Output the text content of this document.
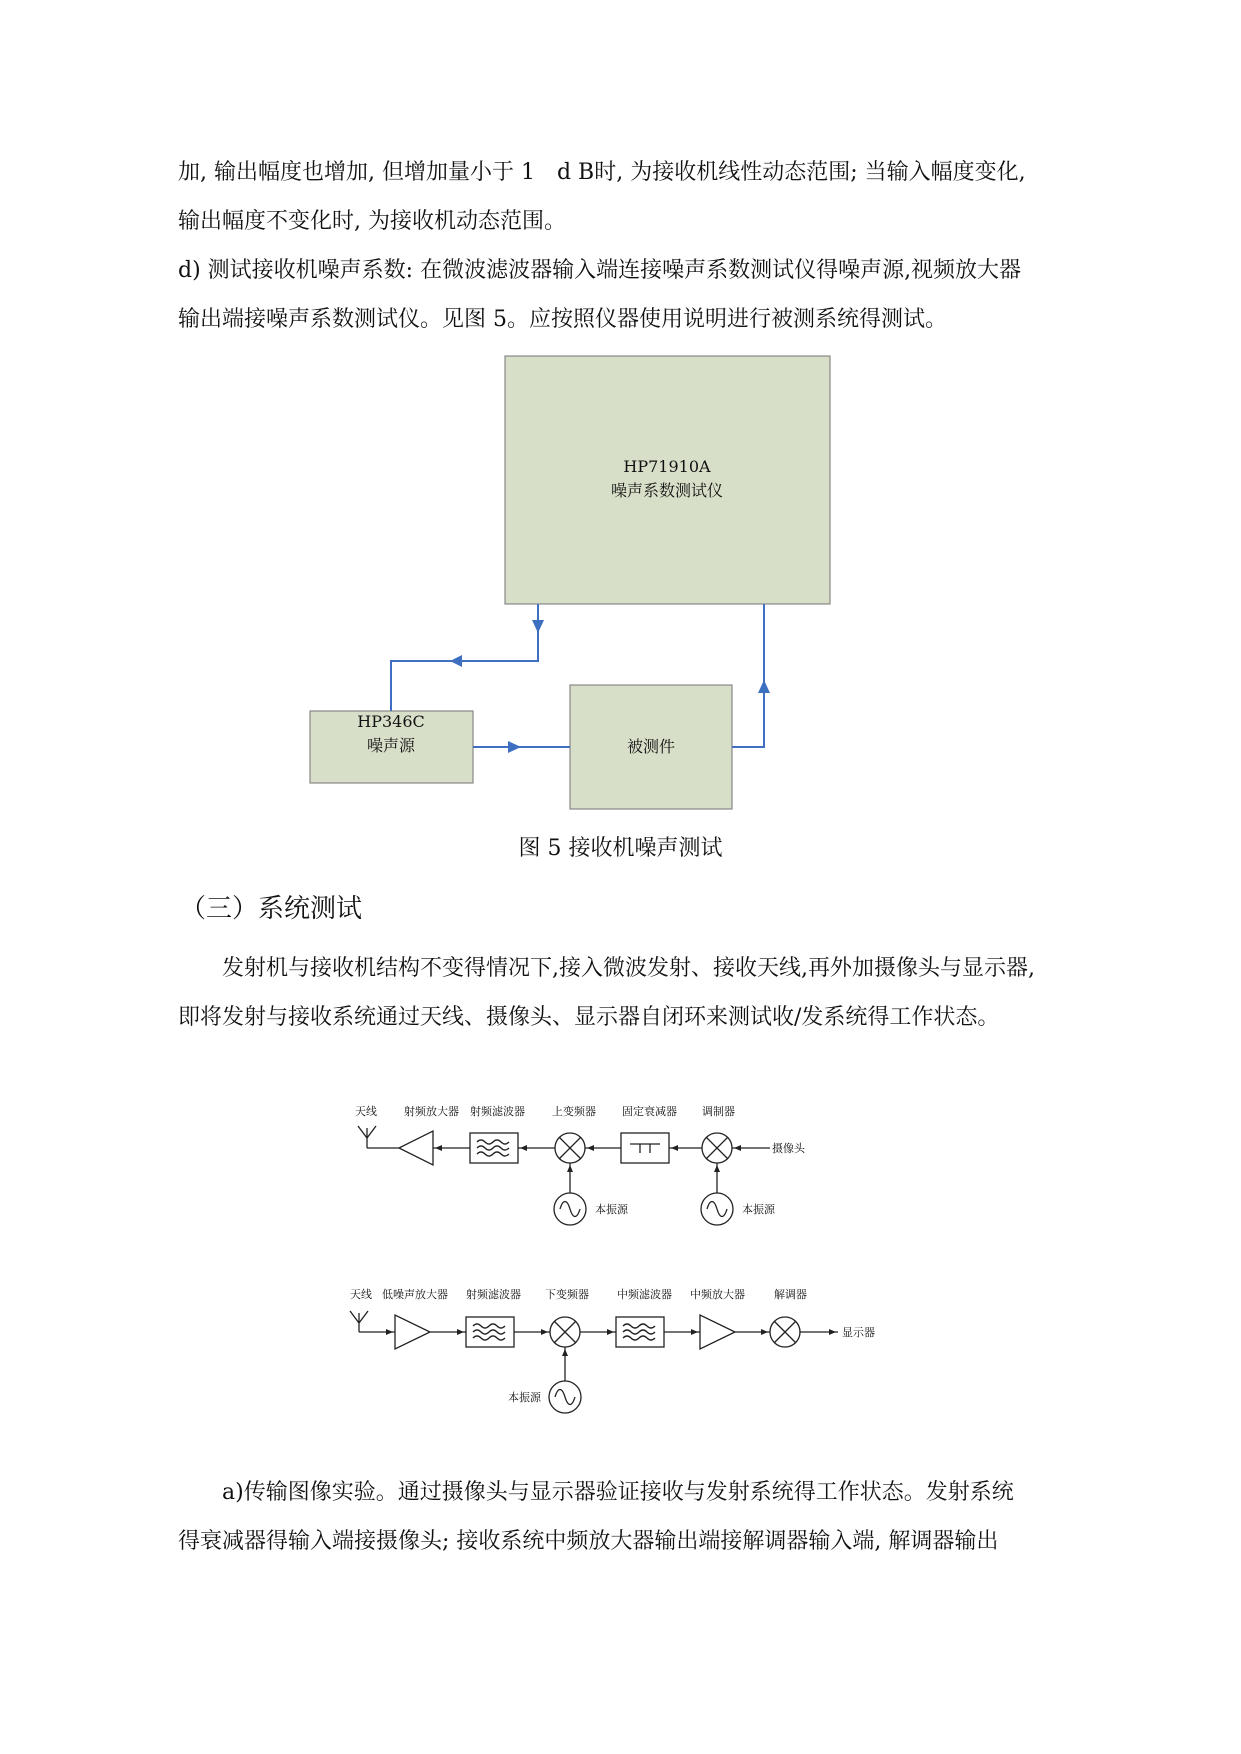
加, 输出幅度也增加, 但增加量小于 1　d B时, 为接收机线性动态范围; 当输入幅度变化,
输出幅度不变化时, 为接收机动态范围。
d) 测试接收机噪声系数: 在微波滤波器输入端连接噪声系数测试仪得噪声源,视频放大器
输出端接噪声系数测试仪。见图 5。应按照仪器使用说明进行被测系统得测试。
HP71910A
噪声系数测试仪
HP346C
噪声源	被测件
天线 射频放大器 射频滤波器 上变频器 固定衰减器 调制器
摄像头
本振源	本振源
天线 低噪声放大器 射频滤波器 下变频器	中频滤波器 中频放大器	解调器
显示器
本振源
图 5 接收机噪声测试
（三）系统测试
发射机与接收机结构不变得情况下,接入微波发射、接收天线,再外加摄像头与显示器,
即将发射与接收系统通过天线、摄像头、显示器自闭环来测试收/发系统得工作状态。
a)传输图像实验。通过摄像头与显示器验证接收与发射系统得工作状态。发射系统
得衰减器得输入端接摄像头; 接收系统中频放大器输出端接解调器输入端, 解调器输出
